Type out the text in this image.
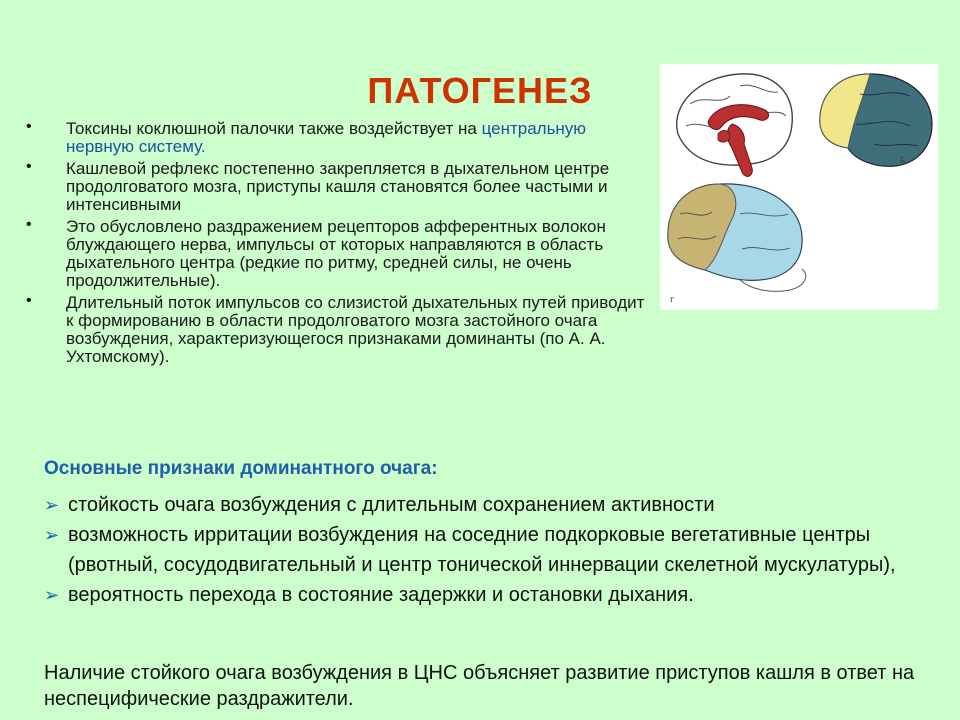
ПАТОГЕНЕЗ
• Токсины коклюшной палочки также воздействует на центральную нервную систему.
• Кашлевой рефлекс постепенно закрепляется в дыхательном центре продолговатого мозга, приступы кашля становятся более частыми и интенсивными
• Это обусловлено раздражением рецепторов афферентных волокон блуждающего нерва, импульсы от которых направляются в область дыхательного центра (редкие по ритму, средней силы, не очень продолжительные).
• Длительный поток импульсов со слизистой дыхательных путей приводит к формированию в области продолговатого мозга застойного очага возбуждения, характеризующегося признаками доминанты (по А. А. Ухтомскому).
Б
г
Основные признаки доминантного очага:
➢ стойкость очага возбуждения с длительным сохранением активности
➢ возможность ирритации возбуждения на соседние подкорковые вегетативные центры (рвотный, сосудодвигательный и центр тонической иннервации скелетной мускулатуры),
➢ вероятность перехода в состояние задержки и остановки дыхания.
Наличие стойкого очага возбуждения в ЦНС объясняет развитие приступов кашля в ответ на неспецифические раздражители.
